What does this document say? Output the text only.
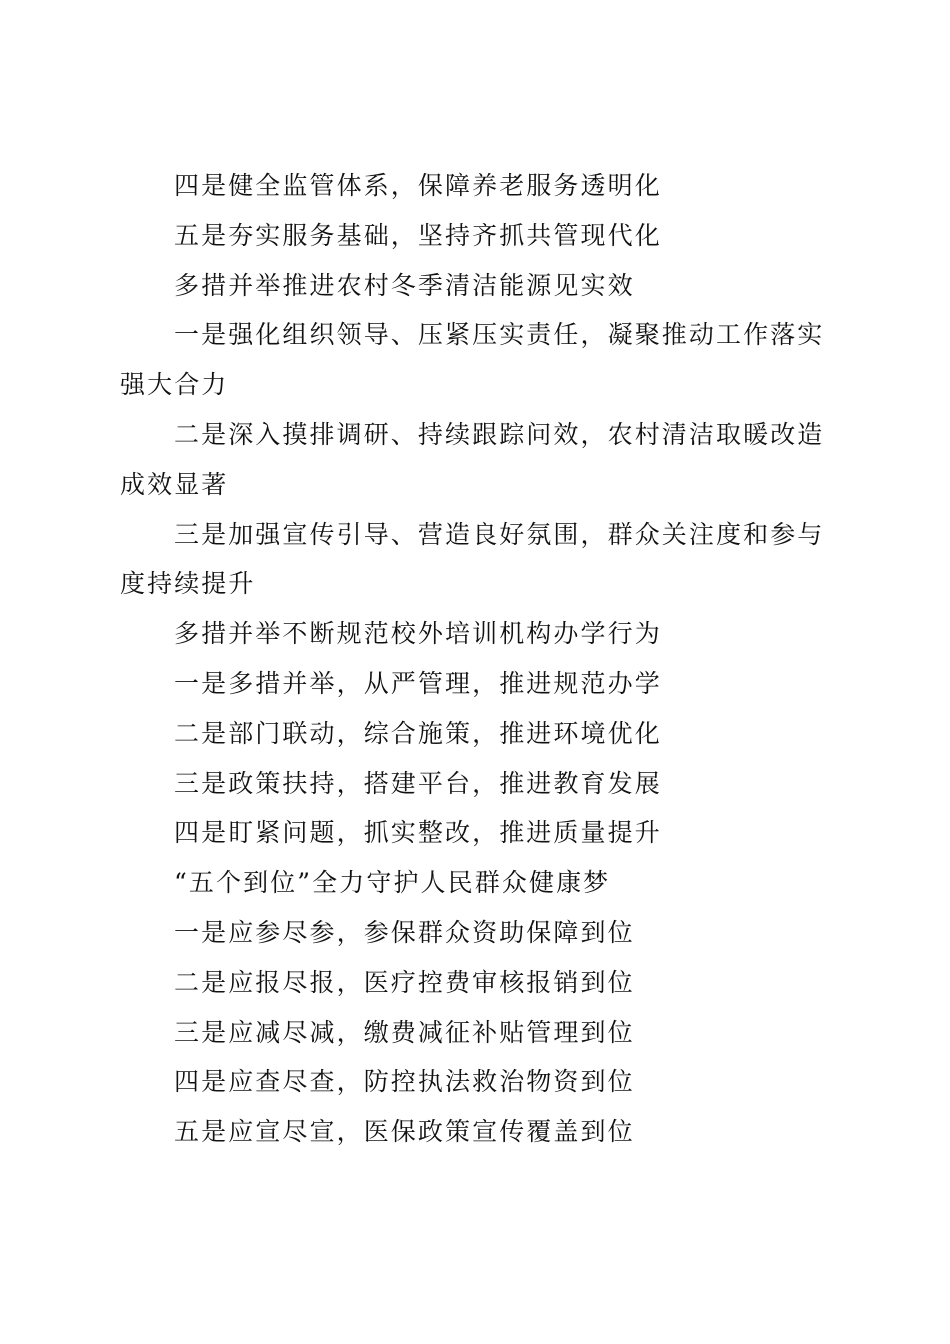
四是健全监管体系，保障养老服务透明化

五是夯实服务基础，坚持齐抓共管现代化

多措并举推进农村冬季清洁能源见实效

一是强化组织领导、压紧压实责任，凝聚推动工作落实强大合力

二是深入摸排调研、持续跟踪问效，农村清洁取暖改造成效显著

三是加强宣传引导、营造良好氛围，群众关注度和参与度持续提升

多措并举不断规范校外培训机构办学行为

一是多措并举，从严管理，推进规范办学

二是部门联动，综合施策，推进环境优化

三是政策扶持，搭建平台，推进教育发展

四是盯紧问题，抓实整改，推进质量提升

“五个到位”全力守护人民群众健康梦

一是应参尽参，参保群众资助保障到位

二是应报尽报，医疗控费审核报销到位

三是应减尽减，缴费减征补贴管理到位

四是应查尽查，防控执法救治物资到位

五是应宣尽宣，医保政策宣传覆盖到位
